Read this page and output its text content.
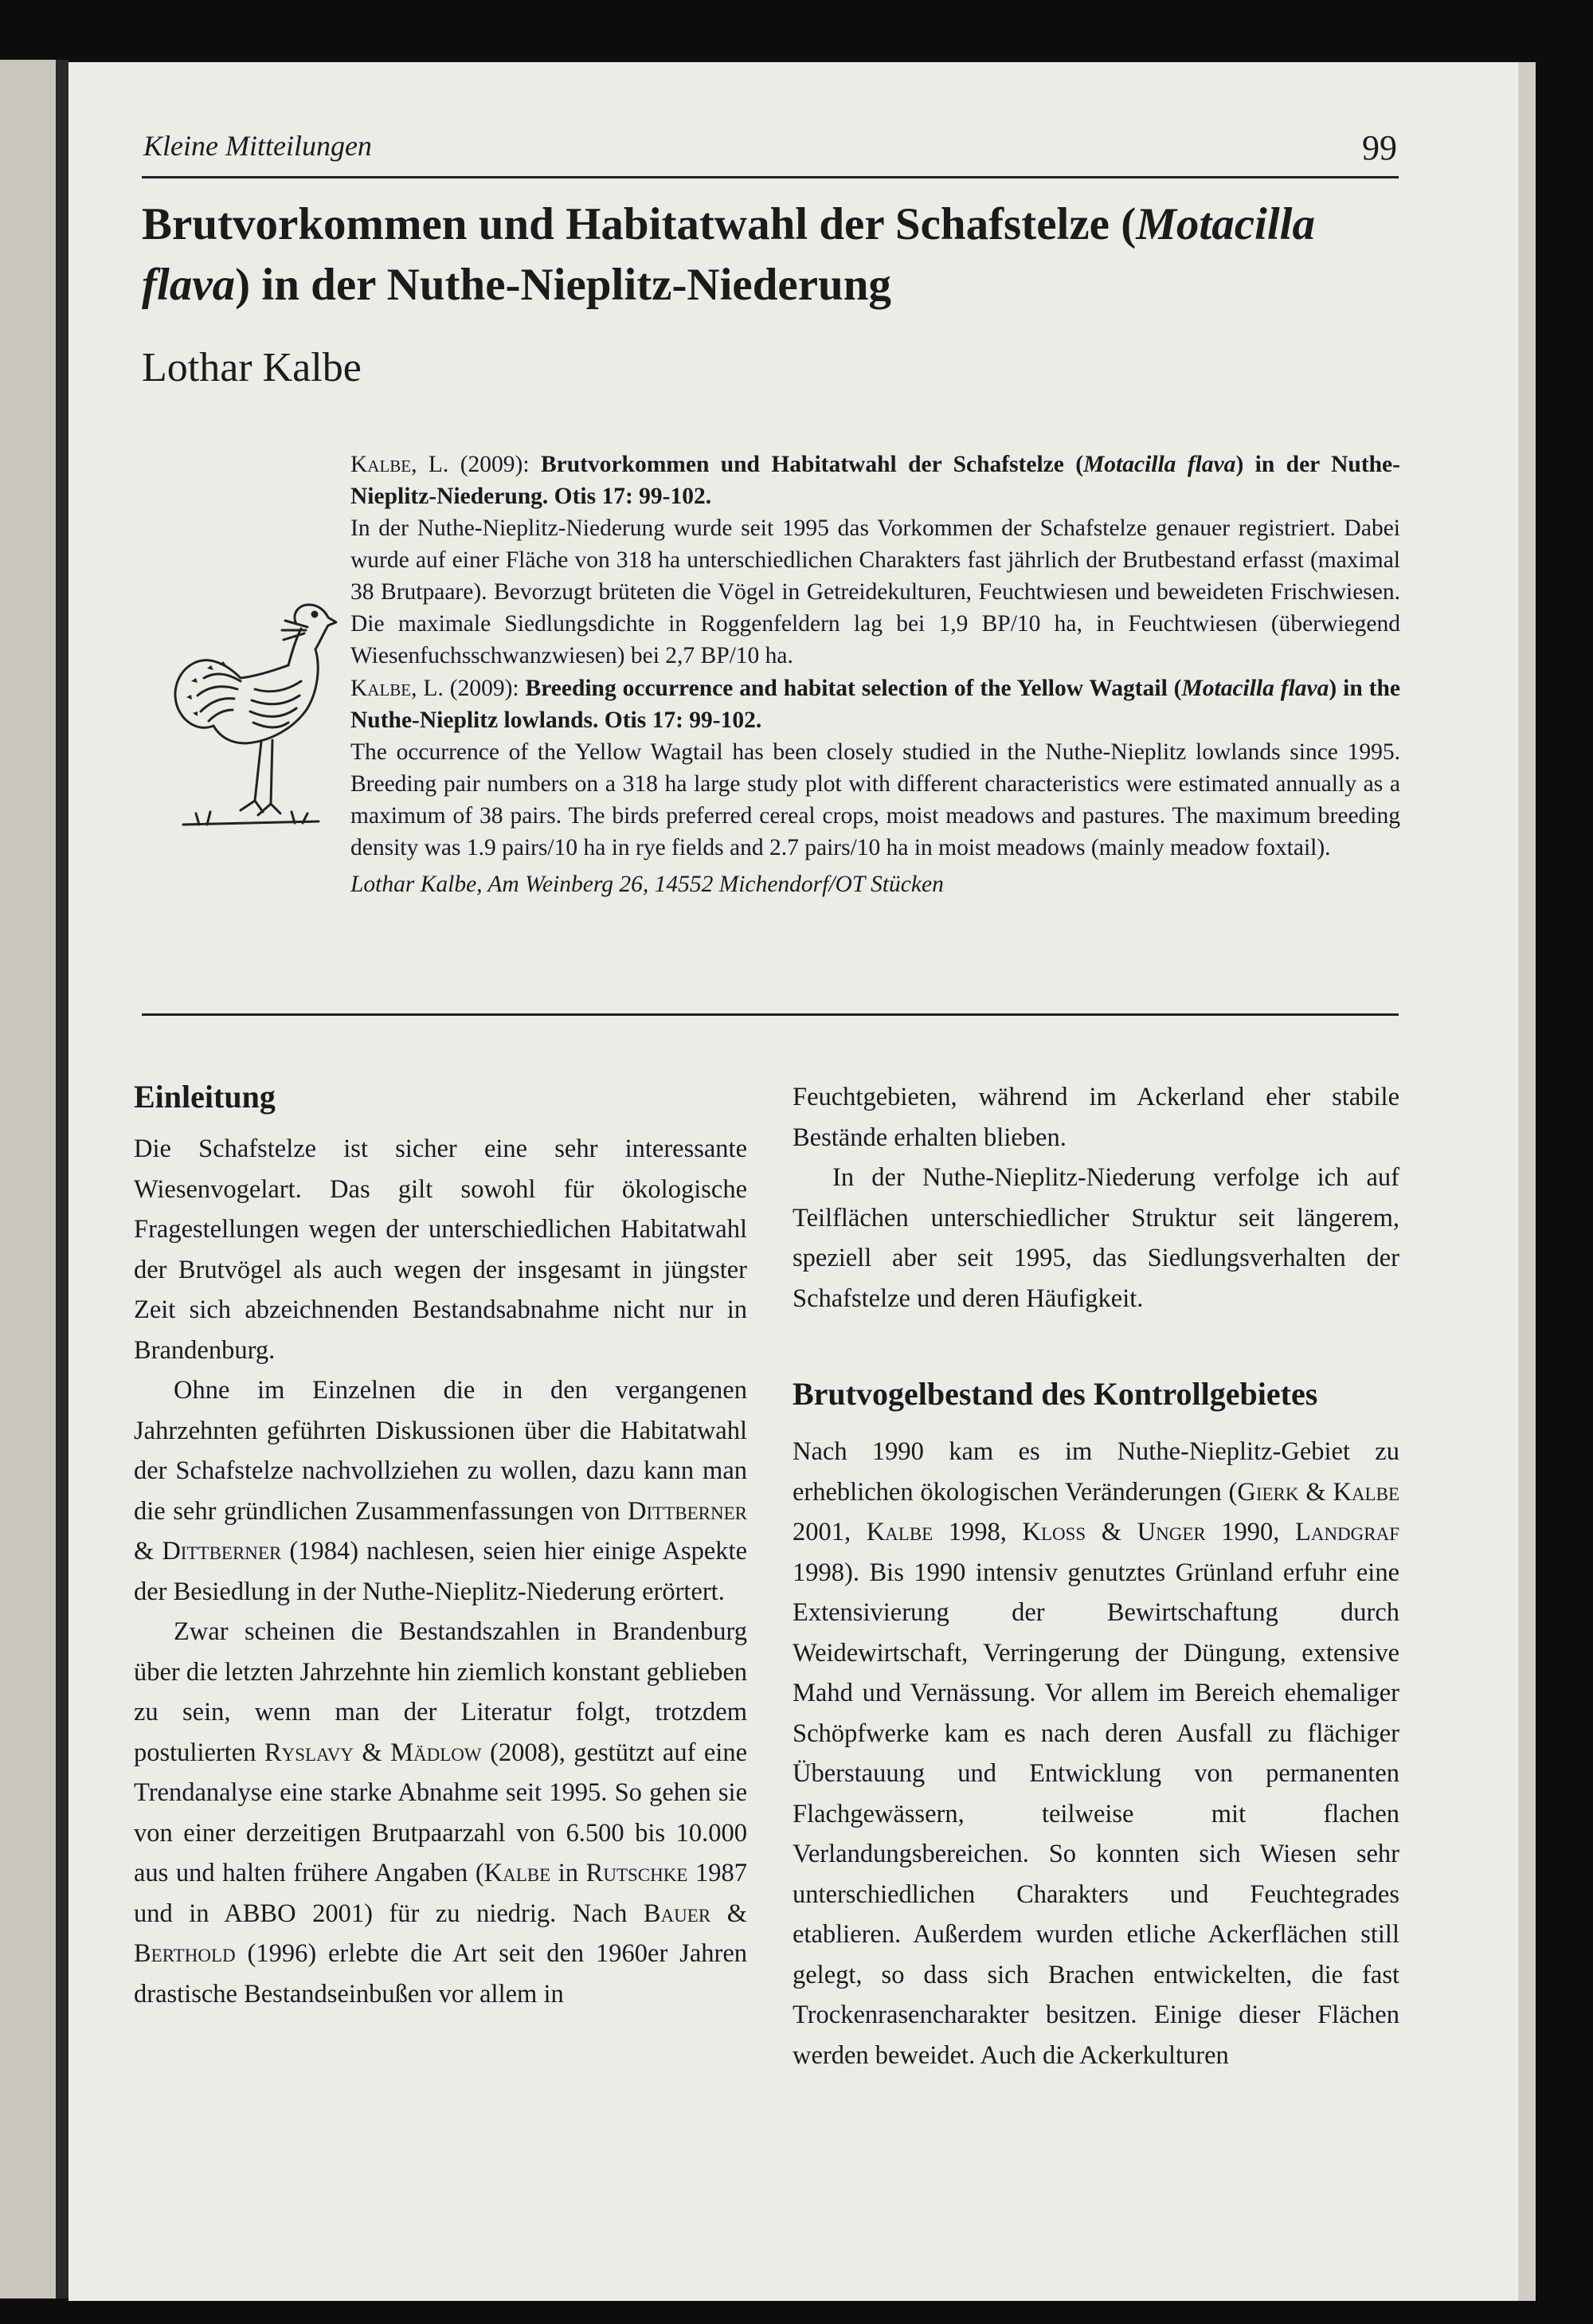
Kleine Mitteilungen	99
Brutvorkommen und Habitatwahl der Schafstelze (Motacilla flava) in der Nuthe-Nieplitz-Niederung
Lothar Kalbe

Kalbe, L. (2009): Brutvorkommen und Habitatwahl der Schafstelze (Motacilla flava) in der Nuthe-Nieplitz-Niederung. Otis 17: 99-102.

In der Nuthe-Nieplitz-Niederung wurde seit 1995 das Vorkommen der Schafstelze genauer registriert. Dabei wurde auf einer Fläche von 318 ha unterschiedlichen Charakters fast jährlich der Brutbestand erfasst (maximal 38 Brutpaare). Bevorzugt brüteten die Vögel in Getreidekulturen, Feuchtwiesen und beweideten Frischwiesen. Die maximale Siedlungsdichte in Roggenfeldern lag bei 1,9 BP/10 ha, in Feuchtwiesen (überwiegend Wiesenfuchsschwanzwiesen) bei 2,7 BP/10 ha.

Kalbe, L. (2009): Breeding occurrence and habitat selection of the Yellow Wagtail (Motacilla flava) in the Nuthe-Nieplitz lowlands. Otis 17: 99-102.

The occurrence of the Yellow Wagtail has been closely studied in the Nuthe-Nieplitz lowlands since 1995. Breeding pair numbers on a 318 ha large study plot with different characteristics were estimated annually as a maximum of 38 pairs. The birds preferred cereal crops, moist meadows and pastures. The maximum breeding density was 1.9 pairs/10 ha in rye fields and 2.7 pairs/10 ha in moist meadows (mainly meadow foxtail).

Lothar Kalbe, Am Weinberg 26, 14552 Michendorf/OT Stücken

Einleitung

Die Schafstelze ist sicher eine sehr interessante Wiesenvogelart. Das gilt sowohl für ökologische Fragestellungen wegen der unterschiedlichen Habitatwahl der Brutvögel als auch wegen der insgesamt in jüngster Zeit sich abzeichnenden Bestandsabnahme nicht nur in Brandenburg.

Ohne im Einzelnen die in den vergangenen Jahrzehnten geführten Diskussionen über die Habitatwahl der Schafstelze nachvollziehen zu wollen, dazu kann man die sehr gründlichen Zusammenfassungen von Dittberner & Dittberner (1984) nachlesen, seien hier einige Aspekte der Besiedlung in der Nuthe-Nieplitz-Niederung erörtert.

Zwar scheinen die Bestandszahlen in Brandenburg über die letzten Jahrzehnte hin ziemlich konstant geblieben zu sein, wenn man der Literatur folgt, trotzdem postulierten Ryslavy & Mädlow (2008), gestützt auf eine Trendanalyse eine starke Abnahme seit 1995. So gehen sie von einer derzeitigen Brutpaarzahl von 6.500 bis 10.000 aus und halten frühere Angaben (Kalbe in Rutschke 1987 und in ABBO 2001) für zu niedrig. Nach Bauer & Berthold (1996) erlebte die Art seit den 1960er Jahren drastische Bestandseinbußen vor allem in

Feuchtgebieten, während im Ackerland eher stabile Bestände erhalten blieben.

In der Nuthe-Nieplitz-Niederung verfolge ich auf Teilflächen unterschiedlicher Struktur seit längerem, speziell aber seit 1995, das Siedlungsverhalten der Schafstelze und deren Häufigkeit.

Brutvogelbestand des Kontrollgebietes

Nach 1990 kam es im Nuthe-Nieplitz-Gebiet zu erheblichen ökologischen Veränderungen (Gierk & Kalbe 2001, Kalbe 1998, Kloss & Unger 1990, Landgraf 1998). Bis 1990 intensiv genutztes Grünland erfuhr eine Extensivierung der Bewirtschaftung durch Weidewirtschaft, Verringerung der Düngung, extensive Mahd und Vernässung. Vor allem im Bereich ehemaliger Schöpfwerke kam es nach deren Ausfall zu flächiger Überstauung und Entwicklung von permanenten Flachgewässern, teilweise mit flachen Verlandungsbereichen. So konnten sich Wiesen sehr unterschiedlichen Charakters und Feuchtegrades etablieren. Außerdem wurden etliche Ackerflächen still gelegt, so dass sich Brachen entwickelten, die fast Trockenrasencharakter besitzen. Einige dieser Flächen werden beweidet. Auch die Ackerkulturen
